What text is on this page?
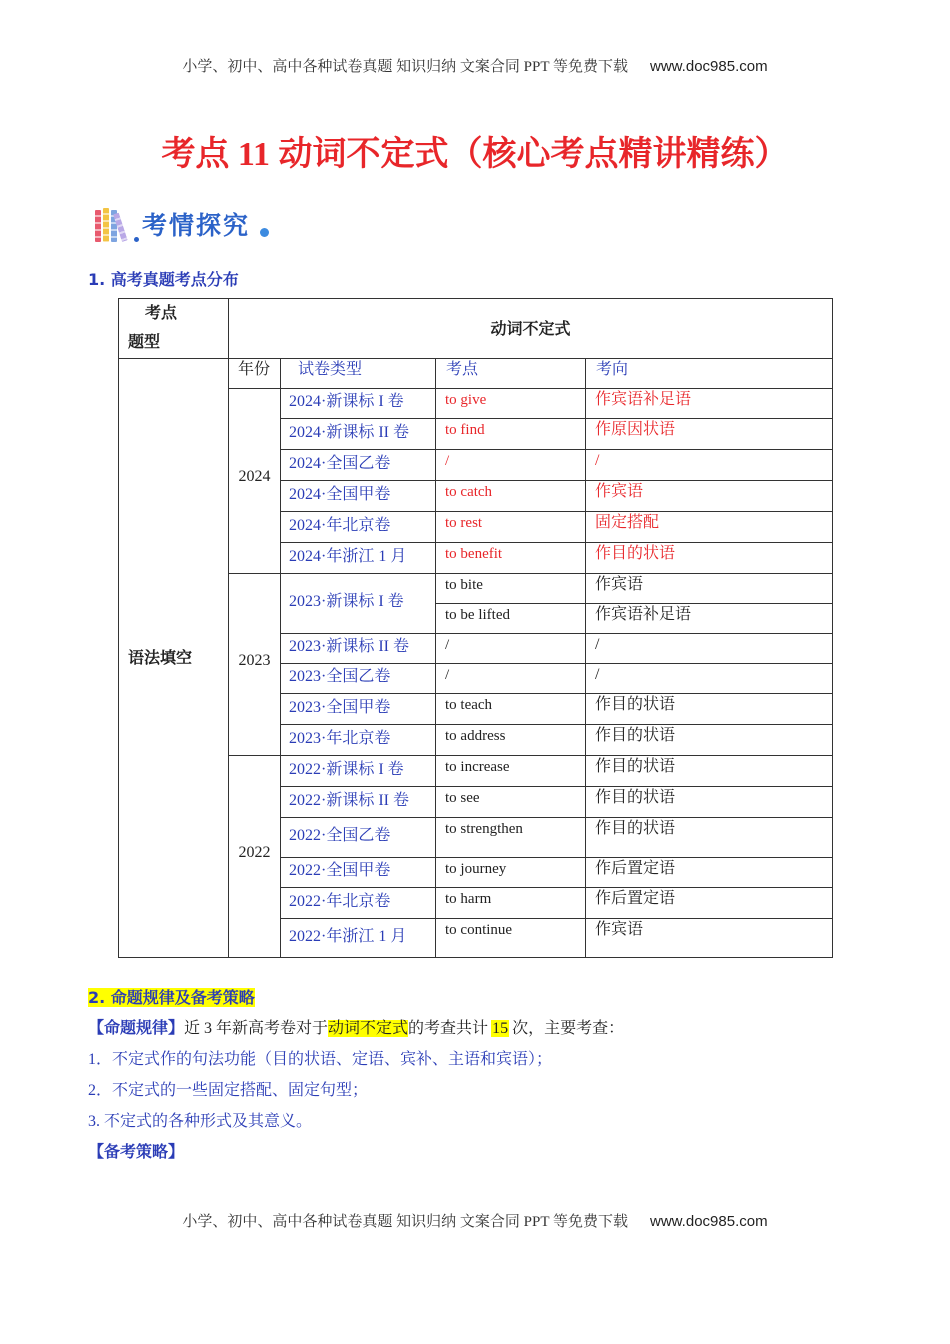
小学、初中、高中各种试卷真题 知识归纳 文案合同 PPT 等免费下载 www.doc985.com
考点 11 动词不定式（核心考点精讲精练）
考情探究
1. 高考真题考点分布
考点
题型	动词不定式			
语法填空	年份	试卷类型	考点	考向
	2024	2024·新课标 I 卷	to give	作宾语补足语
		2024·新课标 II 卷	to find	作原因状语
		2024·全国乙卷	/	/
		2024·全国甲卷	to catch	作宾语
		2024·年北京卷	to rest	固定搭配
		2024·年浙江 1 月	to benefit	作目的状语
	2023	2023·新课标 I 卷	to bite	作宾语
			to be lifted	作宾语补足语
		2023·新课标 II 卷	/	/
		2023·全国乙卷	/	/
		2023·全国甲卷	to teach	作目的状语
		2023·年北京卷	to address	作目的状语
	2022	2022·新课标 I 卷	to increase	作目的状语
		2022·新课标 II 卷	to see	作目的状语
		2022·全国乙卷	to strengthen	作目的状语
		2022·全国甲卷	to journey	作后置定语
		2022·年北京卷	to harm	作后置定语
		2022·年浙江 1 月	to continue	作宾语
2. 命题规律及备考策略
【命题规律】近 3 年新高考卷对于动词不定式的考查共计 15 次，主要考查：
1．不定式作的句法功能（目的状语、定语、宾补、主语和宾语）；
2．不定式的一些固定搭配、固定句型；
3. 不定式的各种形式及其意义。
【备考策略】
小学、初中、高中各种试卷真题 知识归纳 文案合同 PPT 等免费下载 www.doc985.com
